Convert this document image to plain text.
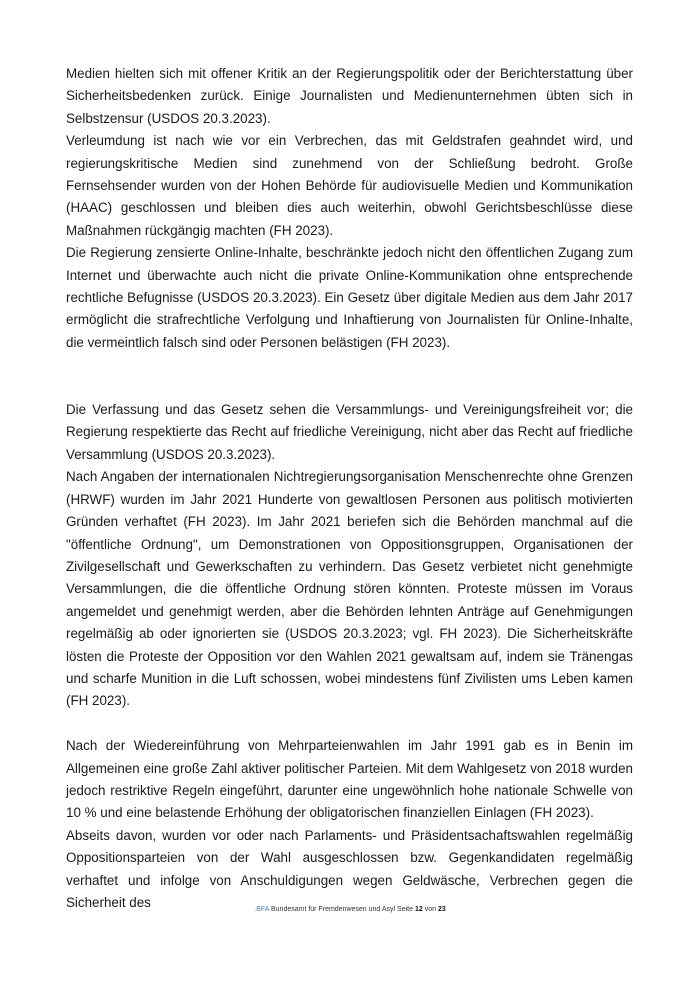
Medien hielten sich mit offener Kritik an der Regierungspolitik oder der Berichterstattung über Sicherheitsbedenken zurück. Einige Journalisten und Medienunternehmen übten sich in Selbstzensur (USDOS 20.3.2023).

Verleumdung ist nach wie vor ein Verbrechen, das mit Geldstrafen geahndet wird, und regierungskritische Medien sind zunehmend von der Schließung bedroht. Große Fernsehsender wurden von der Hohen Behörde für audiovisuelle Medien und Kommunikation (HAAC) geschlossen und bleiben dies auch weiterhin, obwohl Gerichtsbeschlüsse diese Maßnahmen rückgängig machten (FH 2023).

Die Regierung zensierte Online-Inhalte, beschränkte jedoch nicht den öffentlichen Zugang zum Internet und überwachte auch nicht die private Online-Kommunikation ohne entsprechende rechtliche Befugnisse (USDOS 20.3.2023). Ein Gesetz über digitale Medien aus dem Jahr 2017 ermöglicht die strafrechtliche Verfolgung und Inhaftierung von Journalisten für Online-Inhalte, die vermeintlich falsch sind oder Personen belästigen (FH 2023).

Die Verfassung und das Gesetz sehen die Versammlungs- und Vereinigungsfreiheit vor; die Regierung respektierte das Recht auf friedliche Vereinigung, nicht aber das Recht auf friedliche Versammlung (USDOS 20.3.2023).

Nach Angaben der internationalen Nichtregierungsorganisation Menschenrechte ohne Grenzen (HRWF) wurden im Jahr 2021 Hunderte von gewaltlosen Personen aus politisch motivierten Gründen verhaftet (FH 2023). Im Jahr 2021 beriefen sich die Behörden manchmal auf die "öffentliche Ordnung", um Demonstrationen von Oppositionsgruppen, Organisationen der Zivilgesellschaft und Gewerkschaften zu verhindern. Das Gesetz verbietet nicht genehmigte Versammlungen, die die öffentliche Ordnung stören könnten. Proteste müssen im Voraus angemeldet und genehmigt werden, aber die Behörden lehnten Anträge auf Genehmigungen regelmäßig ab oder ignorierten sie (USDOS 20.3.2023; vgl. FH 2023). Die Sicherheitskräfte lösten die Proteste der Opposition vor den Wahlen 2021 gewaltsam auf, indem sie Tränengas und scharfe Munition in die Luft schossen, wobei mindestens fünf Zivilisten ums Leben kamen (FH 2023).

Nach der Wiedereinführung von Mehrparteienwahlen im Jahr 1991 gab es in Benin im Allgemeinen eine große Zahl aktiver politischer Parteien. Mit dem Wahlgesetz von 2018 wurden jedoch restriktive Regeln eingeführt, darunter eine ungewöhnlich hohe nationale Schwelle von 10 % und eine belastende Erhöhung der obligatorischen finanziellen Einlagen (FH 2023).

Abseits davon, wurden vor oder nach Parlaments- und Präsidentsachaftswahlen regelmäßig Oppositionsparteien von der Wahl ausgeschlossen bzw. Gegenkandidaten regelmäßig verhaftet und infolge von Anschuldigungen wegen Geldwäsche, Verbrechen gegen die Sicherheit des	.BFA Bundesamt für Fremdenwesen und Asyl Seite 12 von 23
